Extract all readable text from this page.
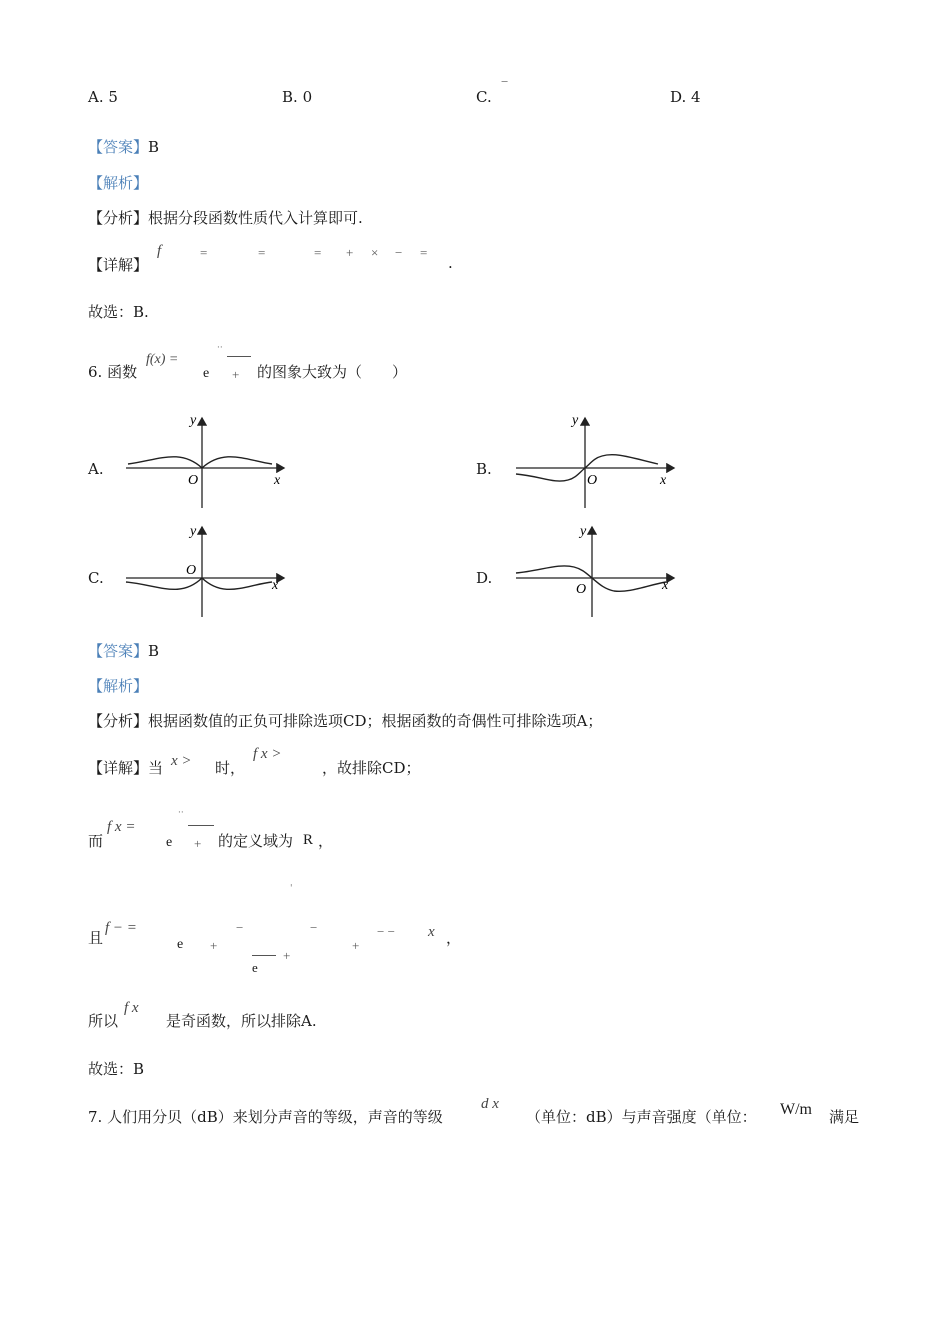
A. 5	B. 0	C.
−
D. 4
【答案】B
【解析】
【分析】根据分段函数性质代入计算即可.
【详解】
f	=	=	= + × − =
.
故选：B.
6. 函数
f(x) =
··
e + 的图象大致为（　　）
A.	B.
C.	D.
y
x
O
y
x
O
y
x
O
y
x
O
【答案】B
【解析】
【分析】根据函数值的正负可排除选项CD；根据函数的奇偶性可排除选项A；
【详解】当 x > 时，
f x >
，故排除CD；
而
f x =
··
e + 的定义域为 R ，
'
且
f − =
e +
−
e
+
−
+
− − x ，
所以
f x
是奇函数，所以排除A.
故选：B
7. 人们用分贝（dB）来划分声音的等级，声音的等级
d x
（单位：dB）与声音强度（单位： W/m 满足
